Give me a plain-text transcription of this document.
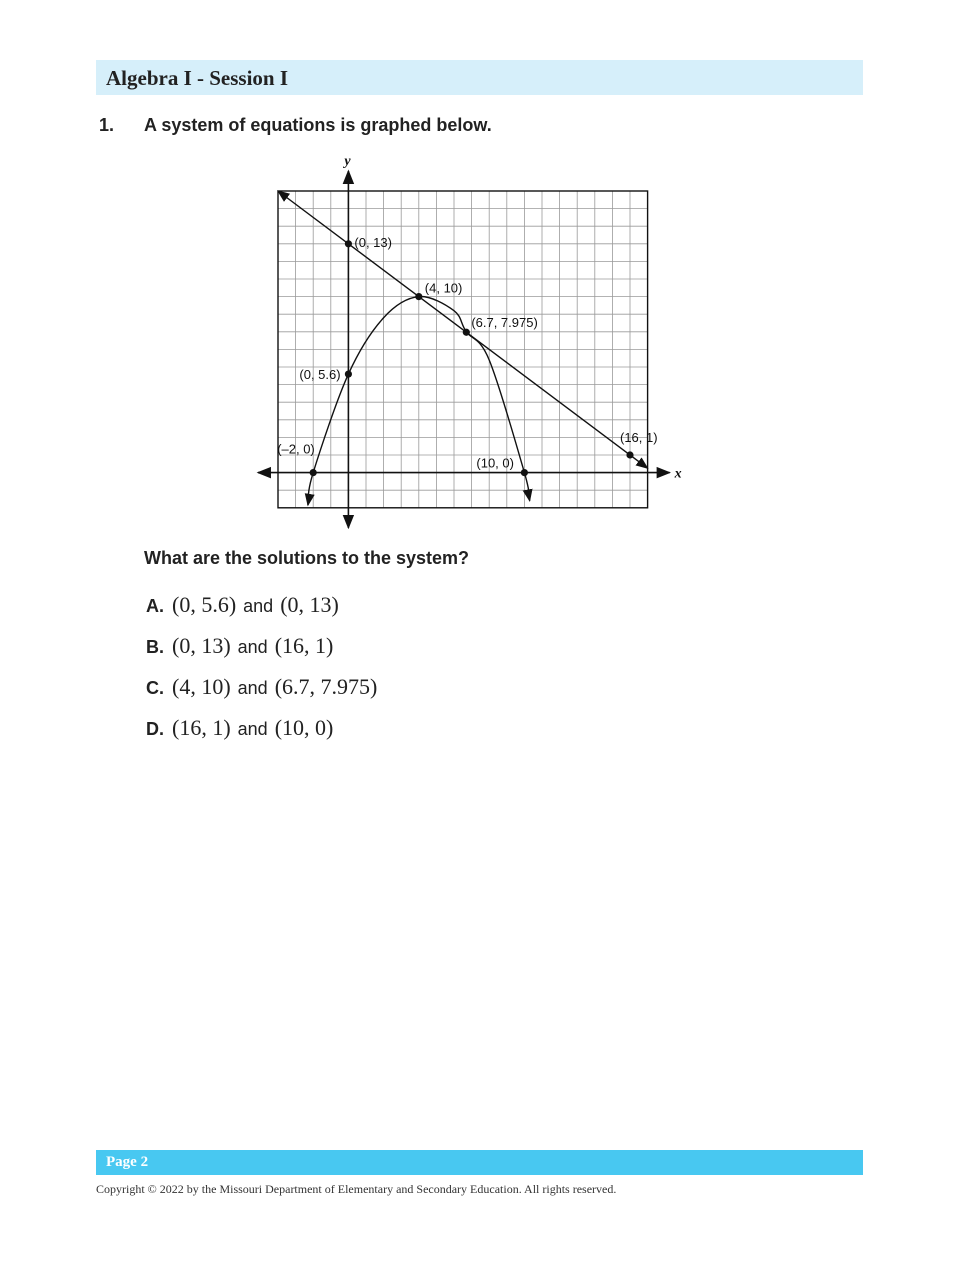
Algebra I - Session I
1. A system of equations is graphed below.
x
y
(0, 13)
(4, 10)
(6.7, 7.975)
(0, 5.6)
(16, 1)
(–2, 0)
(10, 0)
What are the solutions to the system?
A. (0, 5.6) and (0, 13)
B. (0, 13) and (16, 1)
C. (4, 10) and (6.7, 7.975)
D. (16, 1) and (10, 0)
Page 2
Copyright © 2022 by the Missouri Department of Elementary and Secondary Education. All rights reserved.
